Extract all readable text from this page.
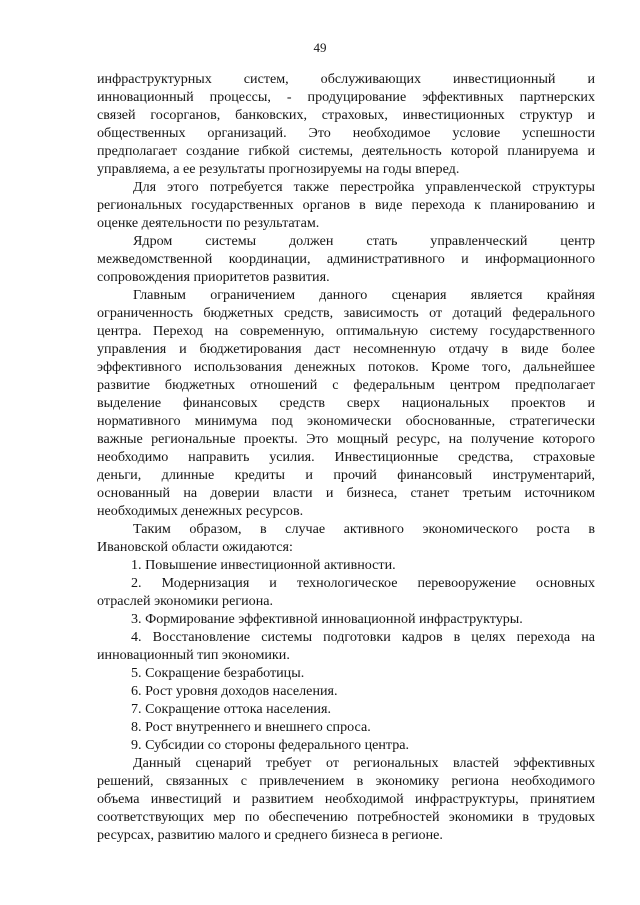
49
инфраструктурных систем, обслуживающих инвестиционный и
инновационный процессы, - продуцирование эффективных партнерских
связей госорганов, банковских, страховых, инвестиционных структур и
общественных организаций. Это необходимое условие успешности
предполагает создание гибкой системы, деятельность которой планируема и
управляема, а ее результаты прогнозируемы на годы вперед.
Для этого потребуется также перестройка управленческой структуры
региональных государственных органов в виде перехода к планированию и
оценке деятельности по результатам.
Ядром системы должен стать управленческий центр
межведомственной координации, административного и информационного
сопровождения приоритетов развития.
Главным ограничением данного сценария является крайняя
ограниченность бюджетных средств, зависимость от дотаций федерального
центра. Переход на современную, оптимальную систему государственного
управления и бюджетирования даст несомненную отдачу в виде более
эффективного использования денежных потоков. Кроме того, дальнейшее
развитие бюджетных отношений с федеральным центром предполагает
выделение финансовых средств сверх национальных проектов и
нормативного минимума под экономически обоснованные, стратегически
важные региональные проекты. Это мощный ресурс, на получение которого
необходимо направить усилия. Инвестиционные средства, страховые
деньги, длинные кредиты и прочий финансовый инструментарий,
основанный на доверии власти и бизнеса, станет третьим источником
необходимых денежных ресурсов.
Таким образом, в случае активного экономического роста в
Ивановской области ожидаются:
1. Повышение инвестиционной активности.
2. Модернизация и технологическое перевооружение основных
отраслей экономики региона.
3. Формирование эффективной инновационной инфраструктуры.
4. Восстановление системы подготовки кадров в целях перехода на
инновационный тип экономики.
5. Сокращение безработицы.
6. Рост уровня доходов населения.
7. Сокращение оттока населения.
8. Рост внутреннего и внешнего спроса.
9. Субсидии со стороны федерального центра.
Данный сценарий требует от региональных властей эффективных
решений, связанных с привлечением в экономику региона необходимого
объема инвестиций и развитием необходимой инфраструктуры, принятием
соответствующих мер по обеспечению потребностей экономики в трудовых
ресурсах, развитию малого и среднего бизнеса в регионе.
